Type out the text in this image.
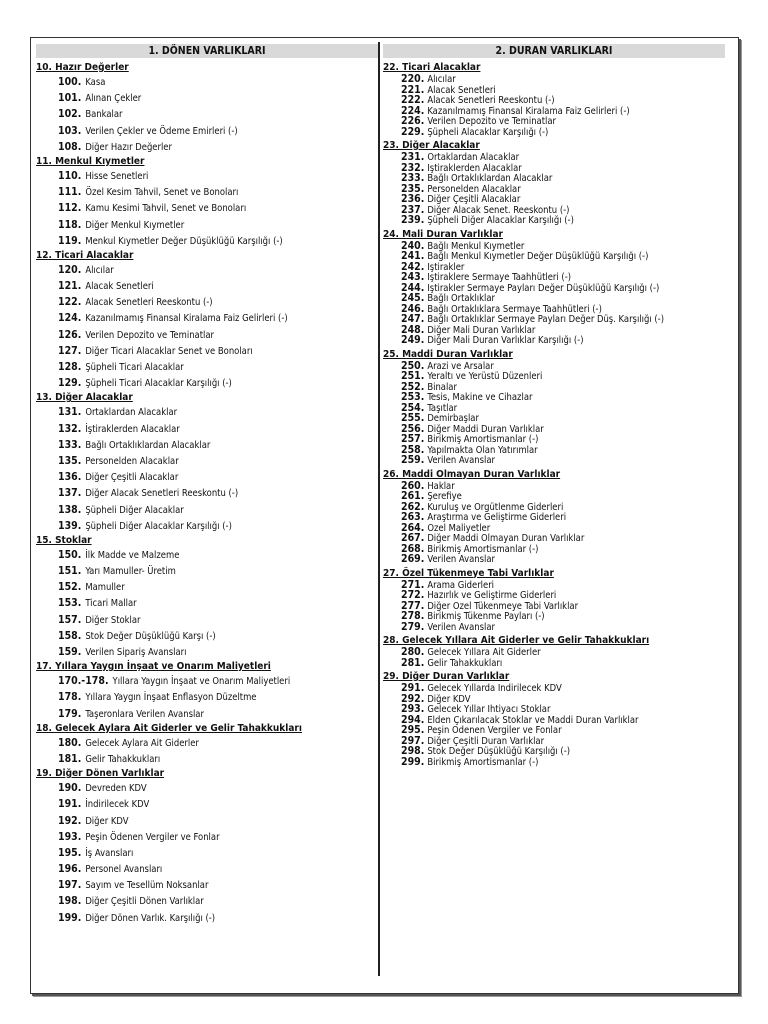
1. DÖNEN VARLIKLARI
10. Hazır Değerler
100. Kasa
101. Alınan Çekler
102. Bankalar
103. Verilen Çekler ve Ödeme Emirleri (-)
108. Diğer Hazır Değerler
11. Menkul Kıymetler
110. Hisse Senetleri
111. Özel Kesim Tahvil, Senet ve Bonoları
112. Kamu Kesimi Tahvil, Senet ve Bonoları
118. Diğer Menkul Kıymetler
119. Menkul Kıymetler Değer Düşüklüğü Karşılığı (-)
12. Ticari Alacaklar
120. Alıcılar
121. Alacak Senetleri
122. Alacak Senetleri Reeskontu (-)
124. Kazanılmamış Finansal Kiralama Faiz Gelirleri (-)
126. Verilen Depozito ve Teminatlar
127. Diğer Ticari Alacaklar Senet ve Bonoları
128. Şüpheli Ticari Alacaklar
129. Şüpheli Ticari Alacaklar Karşılığı (-)
13. Diğer Alacaklar
131. Ortaklardan Alacaklar
132. İştiraklerden Alacaklar
133. Bağlı Ortaklıklardan Alacaklar
135. Personelden Alacaklar
136. Diğer Çeşitli Alacaklar
137. Diğer Alacak Senetleri Reeskontu (-)
138. Şüpheli Diğer Alacaklar
139. Şüpheli Diğer Alacaklar Karşılığı (-)
15. Stoklar
150. İlk Madde ve Malzeme
151. Yarı Mamuller- Üretim
152. Mamuller
153. Ticari Mallar
157. Diğer Stoklar
158. Stok Değer Düşüklüğü Karşı (-)
159. Verilen Sipariş Avansları
17. Yıllara Yaygın İnşaat ve Onarım Maliyetleri
170.-178. Yıllara Yaygın İnşaat ve Onarım Maliyetleri
178. Yıllara Yaygın İnşaat Enflasyon Düzeltme
179. Taşeronlara Verilen Avanslar
18. Gelecek Aylara Ait Giderler ve Gelir Tahakkukları
180. Gelecek Aylara Ait Giderler
181. Gelir Tahakkukları
19. Diğer Dönen Varlıklar
190. Devreden KDV
191. İndirilecek KDV
192. Diğer KDV
193. Peşin Ödenen Vergiler ve Fonlar
195. İş Avansları
196. Personel Avansları
197. Sayım ve Tesellüm Noksanlar
198. Diğer Çeşitli Dönen Varlıklar
199. Diğer Dönen Varlık. Karşılığı (-)
2. DURAN VARLIKLARI
22. Ticari Alacaklar
220. Alıcılar
221. Alacak Senetleri
222. Alacak Senetleri Reeskontu (-)
224. Kazanılmamış Finansal Kiralama Faiz Gelirleri (-)
226. Verilen Depozito ve Teminatlar
229. Şüpheli Alacaklar Karşılığı (-)
23. Diğer Alacaklar
231. Ortaklardan Alacaklar
232. İştiraklerden Alacaklar
233. Bağlı Ortaklıklardan Alacaklar
235. Personelden Alacaklar
236. Diğer Çeşitli Alacaklar
237. Diğer Alacak Senet. Reeskontu (-)
239. Şüpheli Diğer Alacaklar Karşılığı (-)
24. Mali Duran Varlıklar
240. Bağlı Menkul Kıymetler
241. Bağlı Menkul Kıymetler Değer Düşüklüğü Karşılığı (-)
242. İştirakler
243. İştiraklere Sermaye Taahhütleri (-)
244. İştirakler Sermaye Payları Değer Düşüklüğü Karşılığı (-)
245. Bağlı Ortaklıklar
246. Bağlı Ortaklıklara Sermaye Taahhütleri (-)
247. Bağlı Ortaklıklar Sermaye Payları Değer Düş. Karşılığı (-)
248. Diğer Mali Duran Varlıklar
249. Diğer Mali Duran Varlıklar Karşılığı (-)
25. Maddi Duran Varlıklar
250. Arazi ve Arsalar
251. Yeraltı ve Yerüstü Düzenleri
252. Binalar
253. Tesis, Makine ve Cihazlar
254. Taşıtlar
255. Demirbaşlar
256. Diğer Maddi Duran Varlıklar
257. Birikmiş Amortismanlar (-)
258. Yapılmakta Olan Yatırımlar
259. Verilen Avanslar
26. Maddi Olmayan Duran Varlıklar
260. Haklar
261. Şerefiye
262. Kuruluş ve Örgütlenme Giderleri
263. Araştırma ve Geliştirme Giderleri
264. Özel Maliyetler
267. Diğer Maddi Olmayan Duran Varlıklar
268. Birikmiş Amortismanlar (-)
269. Verilen Avanslar
27. Özel Tükenmeye Tabi Varlıklar
271. Arama Giderleri
272. Hazırlık ve Geliştirme Giderleri
277. Diğer Özel Tükenmeye Tabi Varlıklar
278. Birikmiş Tükenme Payları (-)
279. Verilen Avanslar
28. Gelecek Yıllara Ait Giderler ve Gelir Tahakkukları
280. Gelecek Yıllara Ait Giderler
281. Gelir Tahakkukları
29. Diğer Duran Varlıklar
291. Gelecek Yıllarda İndirilecek KDV
292. Diğer KDV
293. Gelecek Yıllar İhtiyacı Stoklar
294. Elden Çıkarılacak Stoklar ve Maddi Duran Varlıklar
295. Peşin Ödenen Vergiler ve Fonlar
297. Diğer Çeşitli Duran Varlıklar
298. Stok Değer Düşüklüğü Karşılığı (-)
299. Birikmiş Amortismanlar (-)
